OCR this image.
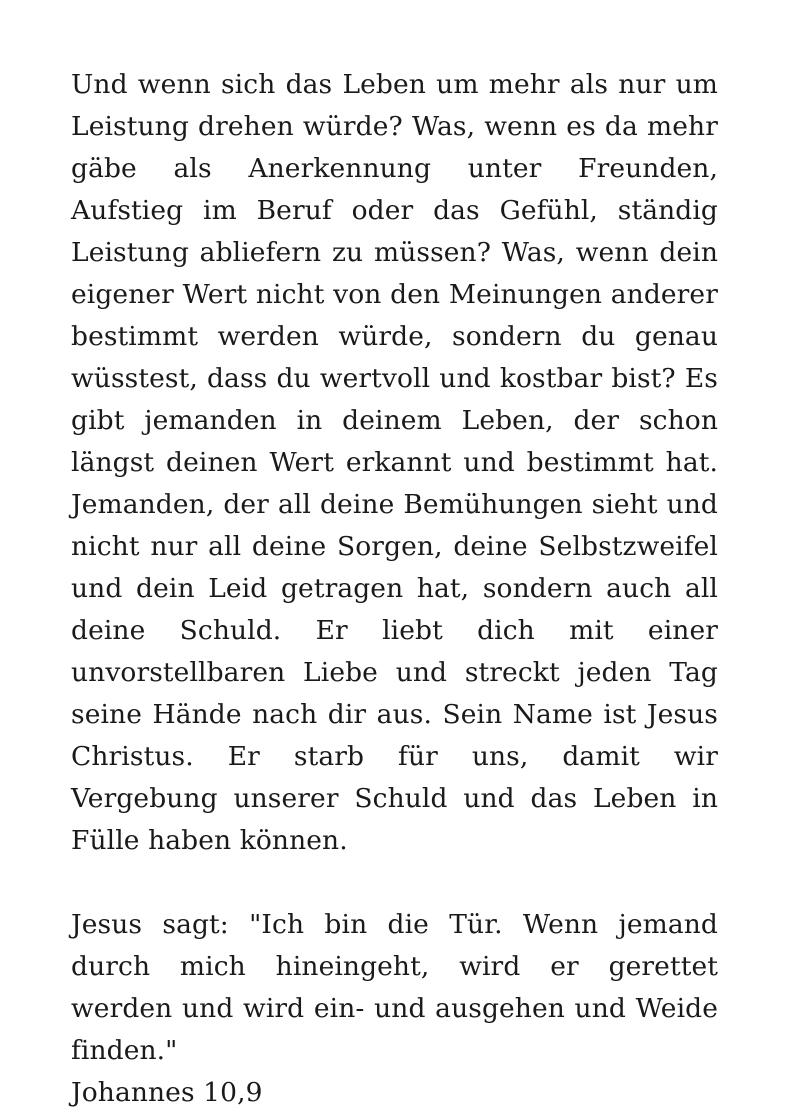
Und wenn sich das Leben um mehr als nur um Leistung drehen würde? Was, wenn es da mehr gäbe als Anerkennung unter Freunden, Aufstieg im Beruf oder das Gefühl, ständig Leistung abliefern zu müssen? Was, wenn dein eigener Wert nicht von den Meinungen anderer bestimmt werden würde, sondern du genau wüsstest, dass du wertvoll und kostbar bist? Es gibt jemanden in deinem Leben, der schon längst deinen Wert erkannt und bestimmt hat. Jemanden, der all deine Bemühungen sieht und nicht nur all deine Sorgen, deine Selbstzweifel und dein Leid getragen hat, sondern auch all deine Schuld. Er liebt dich mit einer unvorstellbaren Liebe und streckt jeden Tag seine Hände nach dir aus. Sein Name ist Jesus Christus. Er starb für uns, damit wir Vergebung unserer Schuld und das Leben in Fülle haben können.

Jesus sagt: "Ich bin die Tür. Wenn jemand durch mich hineingeht, wird er gerettet werden und wird ein- und ausgehen und Weide finden."

Johannes 10,9
